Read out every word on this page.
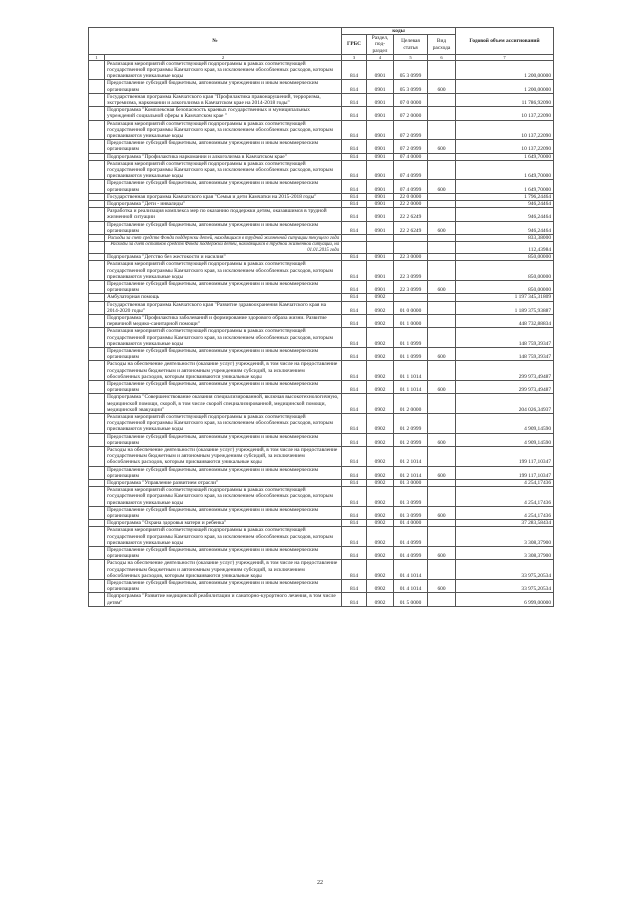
№		коды				Годовой объем ассигнований
		ГРБС	Раздел, под-раздел	Целевая статья	Вид расхода	
1	2	3	4	5	6	7
	Реализация мероприятий соответствующей подпрограммы в рамках соответствующей государственной программы Камчатского края, за исключением обособленных расходов, которым присваиваются уникальные коды	814	0901	05 3 0999		1 200,00000
	Предоставление субсидий бюджетным, автономным учреждениям и иным некоммерческим организациям	814	0901	05 3 0999	600	1 200,00000
	Государственная программа Камчатского края "Профилактика правонарушений, терроризма, экстремизма, наркомании и алкоголизма в Камчатском крае на 2014-2018 годы"	814	0901	07 0 0000		11 786,92090
	Подпрограмма "Комплексная безопасность краевых государственных и муниципальных учреждений социальной сферы в Камчатском крае "	814	0901	07 2 0000		10 137,22090
	Реализация мероприятий соответствующей подпрограммы в рамках соответствующей государственной программы Камчатского края, за исключением обособленных расходов, которым присваиваются уникальные коды	814	0901	07 2 0999		10 137,22090
	Предоставление субсидий бюджетным, автономным учреждениям и иным некоммерческим организациям	814	0901	07 2 0999	600	10 137,22090
	Подпрограмма "Профилактика наркомании и алкоголизма в Камчатском крае"	814	0901	07 4 0000		1 649,70000
	Реализация мероприятий соответствующей подпрограммы в рамках соответствующей государственной программы Камчатского края, за исключением обособленных расходов, которым присваиваются уникальные коды	814	0901	07 4 0999		1 649,70000
	Предоставление субсидий бюджетным, автономным учреждениям и иным некоммерческим организациям	814	0901	07 4 0999	600	1 649,70000
	Государственная программа Камчатского края "Семья и дети Камчатки на 2015-2018 годы"	814	0901	22 0 0000		1 796,24464
	Подпрограмма "Дети - инвалиды"	814	0901	22 2 0000		946,24464
	Разработка и реализация комплекса мер по оказанию поддержки детям, оказавшимся в трудной жизненной ситуации	814	0901	22 2 6249		946,24464
	Предоставление субсидий бюджетным, автономным учреждениям и иным некоммерческим организациям	814	0901	22 2 6249	600	946,24464
	Расходы за счет средств Фонда поддержки детей, находящихся в трудной жизненной ситуации текущего года					833,38000
	Расходы за счет остатков средств Фонда поддержки детей, находящихся в трудной жизненной ситуации, на 01.01.2015 года					112,43984
	Подпрограмма "Детство без жестокости и насилия"	814	0901	22 3 0000		850,00000
	Реализация мероприятий соответствующей подпрограммы в рамках соответствующей государственной программы Камчатского края, за исключением обособленных расходов, которым присваиваются уникальные коды	814	0901	22 3 0999		850,00000
	Предоставление субсидий бюджетным, автономным учреждениям и иным некоммерческим организациям	814	0901	22 3 0999	600	850,00000
	Амбулаторная помощь	814	0902			1 197 345,31809
	Государственная программа Камчатского края "Развитие здравоохранения Камчатского края на 2014-2020 годы"	814	0902	01 0 0000		1 189 375,93887
	Подпрограмма "Профилактика заболеваний и формирование здорового образа жизни. Развитие первичной медико-санитарной помощи"	814	0902	01 1 0000		448 732,88834
	Реализация мероприятий соответствующей подпрограммы в рамках соответствующей государственной программы Камчатского края, за исключением обособленных расходов, которым присваиваются уникальные коды	814	0902	01 1 0999		148 759,39347
	Предоставление субсидий бюджетным, автономным учреждениям и иным некоммерческим организациям	814	0902	01 1 0999	600	148 759,39347
	Расходы на обеспечение деятельности (оказание услуг) учреждений, в том числе на предоставление государственным бюджетным и автономным учреждениям субсидий, за исключением обособленных расходов, которым присваиваются уникальные коды	814	0902	01 1 1014		299 973,49487
	Предоставление субсидий бюджетным, автономным учреждениям и иным некоммерческим организациям	814	0902	01 1 1014	600	299 973,49487
	Подпрограмма "Совершенствование оказания специализированной, включая высокотехнологичную, медицинской помощи, скорой, в том числе скорой специализированной, медицинской помощи, медицинской эвакуации"	814	0902	01 2 0000		204 026,34937
	Реализация мероприятий соответствующей подпрограммы в рамках соответствующей государственной программы Камчатского края, за исключением обособленных расходов, которым присваиваются уникальные коды	814	0902	01 2 0999		4 909,14590
	Предоставление субсидий бюджетным, автономным учреждениям и иным некоммерческим организациям	814	0902	01 2 0999	600	4 909,14590
	Расходы на обеспечение деятельности (оказание услуг) учреждений, в том числе на предоставление государственным бюджетным и автономным учреждениям субсидий, за исключением обособленных расходов, которым присваиваются уникальные коды	814	0902	01 2 1014		199 117,10347
	Предоставление субсидий бюджетным, автономным учреждениям и иным некоммерческим организациям	814	0902	01 2 1014	600	199 117,10347
	Подпрограмма "Управление развитием отрасли"	814	0902	01 3 0000		4 254,17436
	Реализация мероприятий соответствующей подпрограммы в рамках соответствующей государственной программы Камчатского края, за исключением обособленных расходов, которым присваиваются уникальные коды	814	0902	01 3 0999		4 254,17436
	Предоставление субсидий бюджетным, автономным учреждениям и иным некоммерческим организациям	814	0902	01 3 0999	600	4 254,17436
	Подпрограмма "Охрана здоровья матери и ребенка"	814	0902	01 4 0000		37 283,58434
	Реализация мероприятий соответствующей подпрограммы в рамках соответствующей государственной программы Камчатского края, за исключением обособленных расходов, которым присваиваются уникальные коды	814	0902	01 4 0999		3 308,37900
	Предоставление субсидий бюджетным, автономным учреждениям и иным некоммерческим организациям	814	0902	01 4 0999	600	3 308,37900
	Расходы на обеспечение деятельности (оказание услуг) учреждений, в том числе на предоставление государственным бюджетным и автономным учреждениям субсидий, за исключением обособленных расходов, которым присваиваются уникальные коды	814	0902	01 4 1014		33 975,20534
	Предоставление субсидий бюджетным, автономным учреждениям и иным некоммерческим организациям	814	0902	01 4 1014	600	33 975,20534
	Подпрограмма "Развитие медицинской реабилитации и санаторно-курортного лечения, в том числе детям"	814	0902	01 5 0000		6 999,00000
22
